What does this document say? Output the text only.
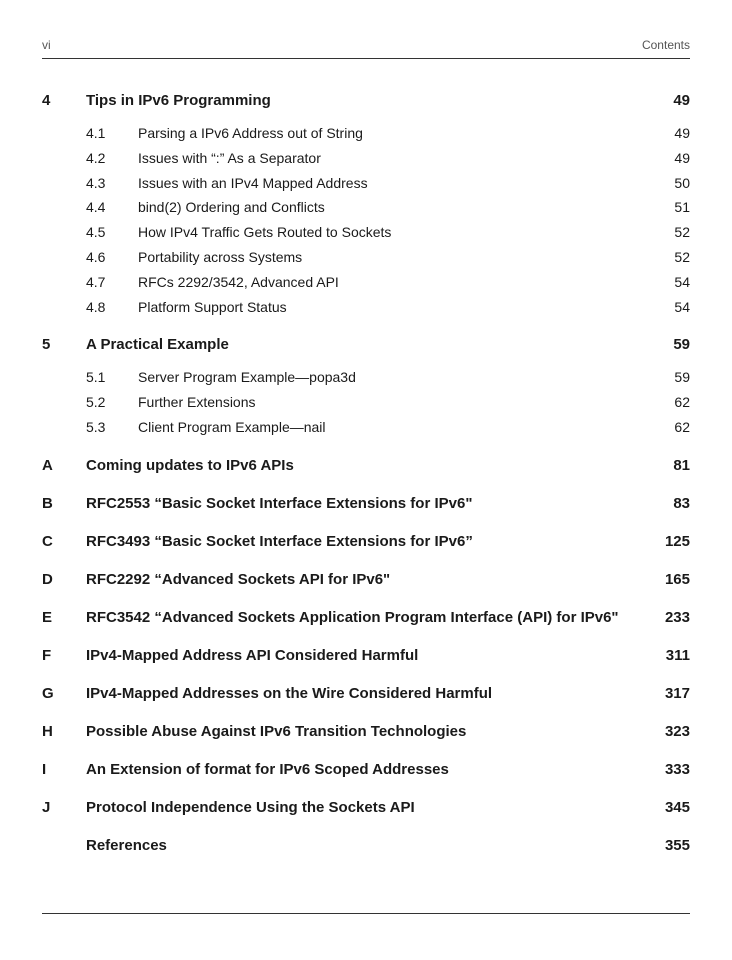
vi	Contents
4 Tips in IPv6 Programming	49
4.1 Parsing a IPv6 Address out of String	49
4.2 Issues with “:” As a Separator	49
4.3 Issues with an IPv4 Mapped Address	50
4.4 bind(2) Ordering and Conflicts	51
4.5 How IPv4 Traffic Gets Routed to Sockets	52
4.6 Portability across Systems	52
4.7 RFCs 2292/3542, Advanced API	54
4.8 Platform Support Status	54
5 A Practical Example	59
5.1 Server Program Example—popa3d	59
5.2 Further Extensions	62
5.3 Client Program Example—nail	62
A Coming updates to IPv6 APIs	81
B RFC2553 “Basic Socket Interface Extensions for IPv6"	83
C RFC3493 “Basic Socket Interface Extensions for IPv6”	125
D RFC2292 “Advanced Sockets API for IPv6"	165
E RFC3542 “Advanced Sockets Application Program Interface (API) for IPv6"	233
F IPv4-Mapped Address API Considered Harmful	311
G IPv4-Mapped Addresses on the Wire Considered Harmful	317
H Possible Abuse Against IPv6 Transition Technologies	323
I	An Extension of format for IPv6 Scoped Addresses	333
J Protocol Independence Using the Sockets API	345
References	355
